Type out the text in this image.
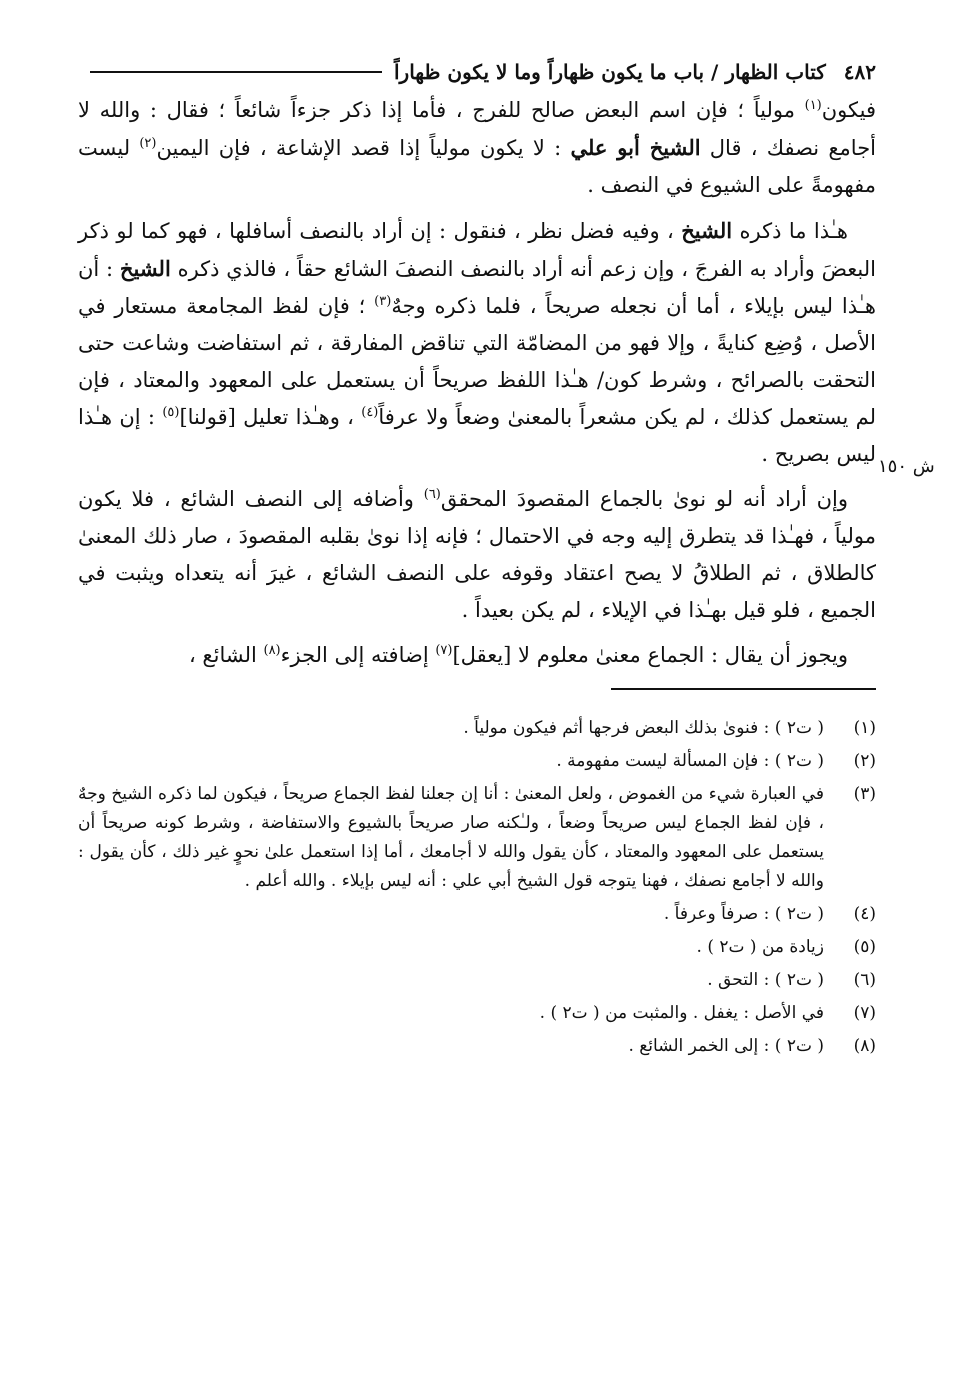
٤٨٢
كتاب الظهار / باب ما يكون ظهاراً وما لا يكون ظهاراً

فيكون$^{(١)}$ مولياً ؛ فإن اسم البعض صالح للفرج ، فأما إذا ذكر جزءاً شائعاً ؛ فقال : والله لا أجامع نصفك ، قال الشيخ أبو علي : لا يكون مولياً إذا قصد الإشاعة ، فإن اليمين$^{(٢)}$ ليست مفهومةً على الشيوع في النصف .

هـٰذا ما ذكره الشيخ ، وفيه فضل نظر ، فنقول : إن أراد بالنصف أسافلها ، فهو كما لو ذكر البعضَ وأراد به الفرجَ ، وإن زعم أنه أراد بالنصف النصفَ الشائع حقاً ، فالذي ذكره الشيخ : أن هـٰذا ليس بإيلاء ، أما أن نجعله صريحاً ، فلما ذكره وجهٌ$^{(٣)}$ ؛ فإن لفظ المجامعة مستعار في الأصل ، وُضِع كنايةً ، وإلا فهو من المضامّة التي تناقض المفارقة ، ثم استفاضت وشاعت حتى التحقت بالصرائح ، وشرط كون/ هـٰذا اللفظ صريحاً أن يستعمل على المعهود والمعتاد ، فإن لم يستعمل كذلك ، لم يكن مشعراً بالمعنىٰ وضعاً ولا عرفاً$^{(٤)}$ ، وهـٰذا تعليل [قولنا]$^{(٥)}$ : إن هـٰذا ليس بصريح .

وإن أراد أنه لو نوىٰ بالجماع المقصودَ المحقق$^{(٦)}$ وأضافه إلى النصف الشائع ، فلا يكون مولياً ، فهـٰذا قد يتطرق إليه وجه في الاحتمال ؛ فإنه إذا نوىٰ بقلبه المقصودَ ، صار ذلك المعنىٰ كالطلاق ، ثم الطلاقُ لا يصح اعتقاد وقوفه على النصف الشائع ، غيرَ أنه يتعداه ويثبت في الجميع ، فلو قيل بهـٰذا في الإيلاء ، لم يكن بعيداً .

ويجوز أن يقال : الجماع معنىٰ معلوم لا [يعقل]$^{(٧)}$ إضافته إلى الجزء$^{(٨)}$ الشائع ،

(١)
( ت٢ ) : فنوىٰ بذلك البعض فرجها أثم فيكون مولياً .
(٢)
( ت٢ ) : فإن المسألة ليست مفهومة .
(٣)
في العبارة شيء من الغموض ، ولعل المعنىٰ : أنا إن جعلنا لفظ الجماع صريحاً ، فيكون لما ذكره الشيخ وجهٌ ، فإن لفظ الجماع ليس صريحاً وضعاً ، ولـٰكنه صار صريحاً بالشيوع والاستفاضة ، وشرط كونه صريحاً أن يستعمل على المعهود والمعتاد ، كأن يقول والله لا أجامعك ، أما إذا استعمل علىٰ نحوٍ غير ذلك ، كأن يقول : والله لا أجامع نصفك ، فهنا يتوجه قول الشيخ أبي علي : أنه ليس بإيلاء . والله أعلم .
(٤)
( ت٢ ) : صرفاً وعرفاً .
(٥)
زيادة من ( ت٢ ) .
(٦)
( ت٢ ) : التحق .
(٧)
في الأصل : يغفل . والمثبت من ( ت٢ ) .
(٨)
( ت٢ ) : إلى الخمر الشائع .
ش ١٥٠
